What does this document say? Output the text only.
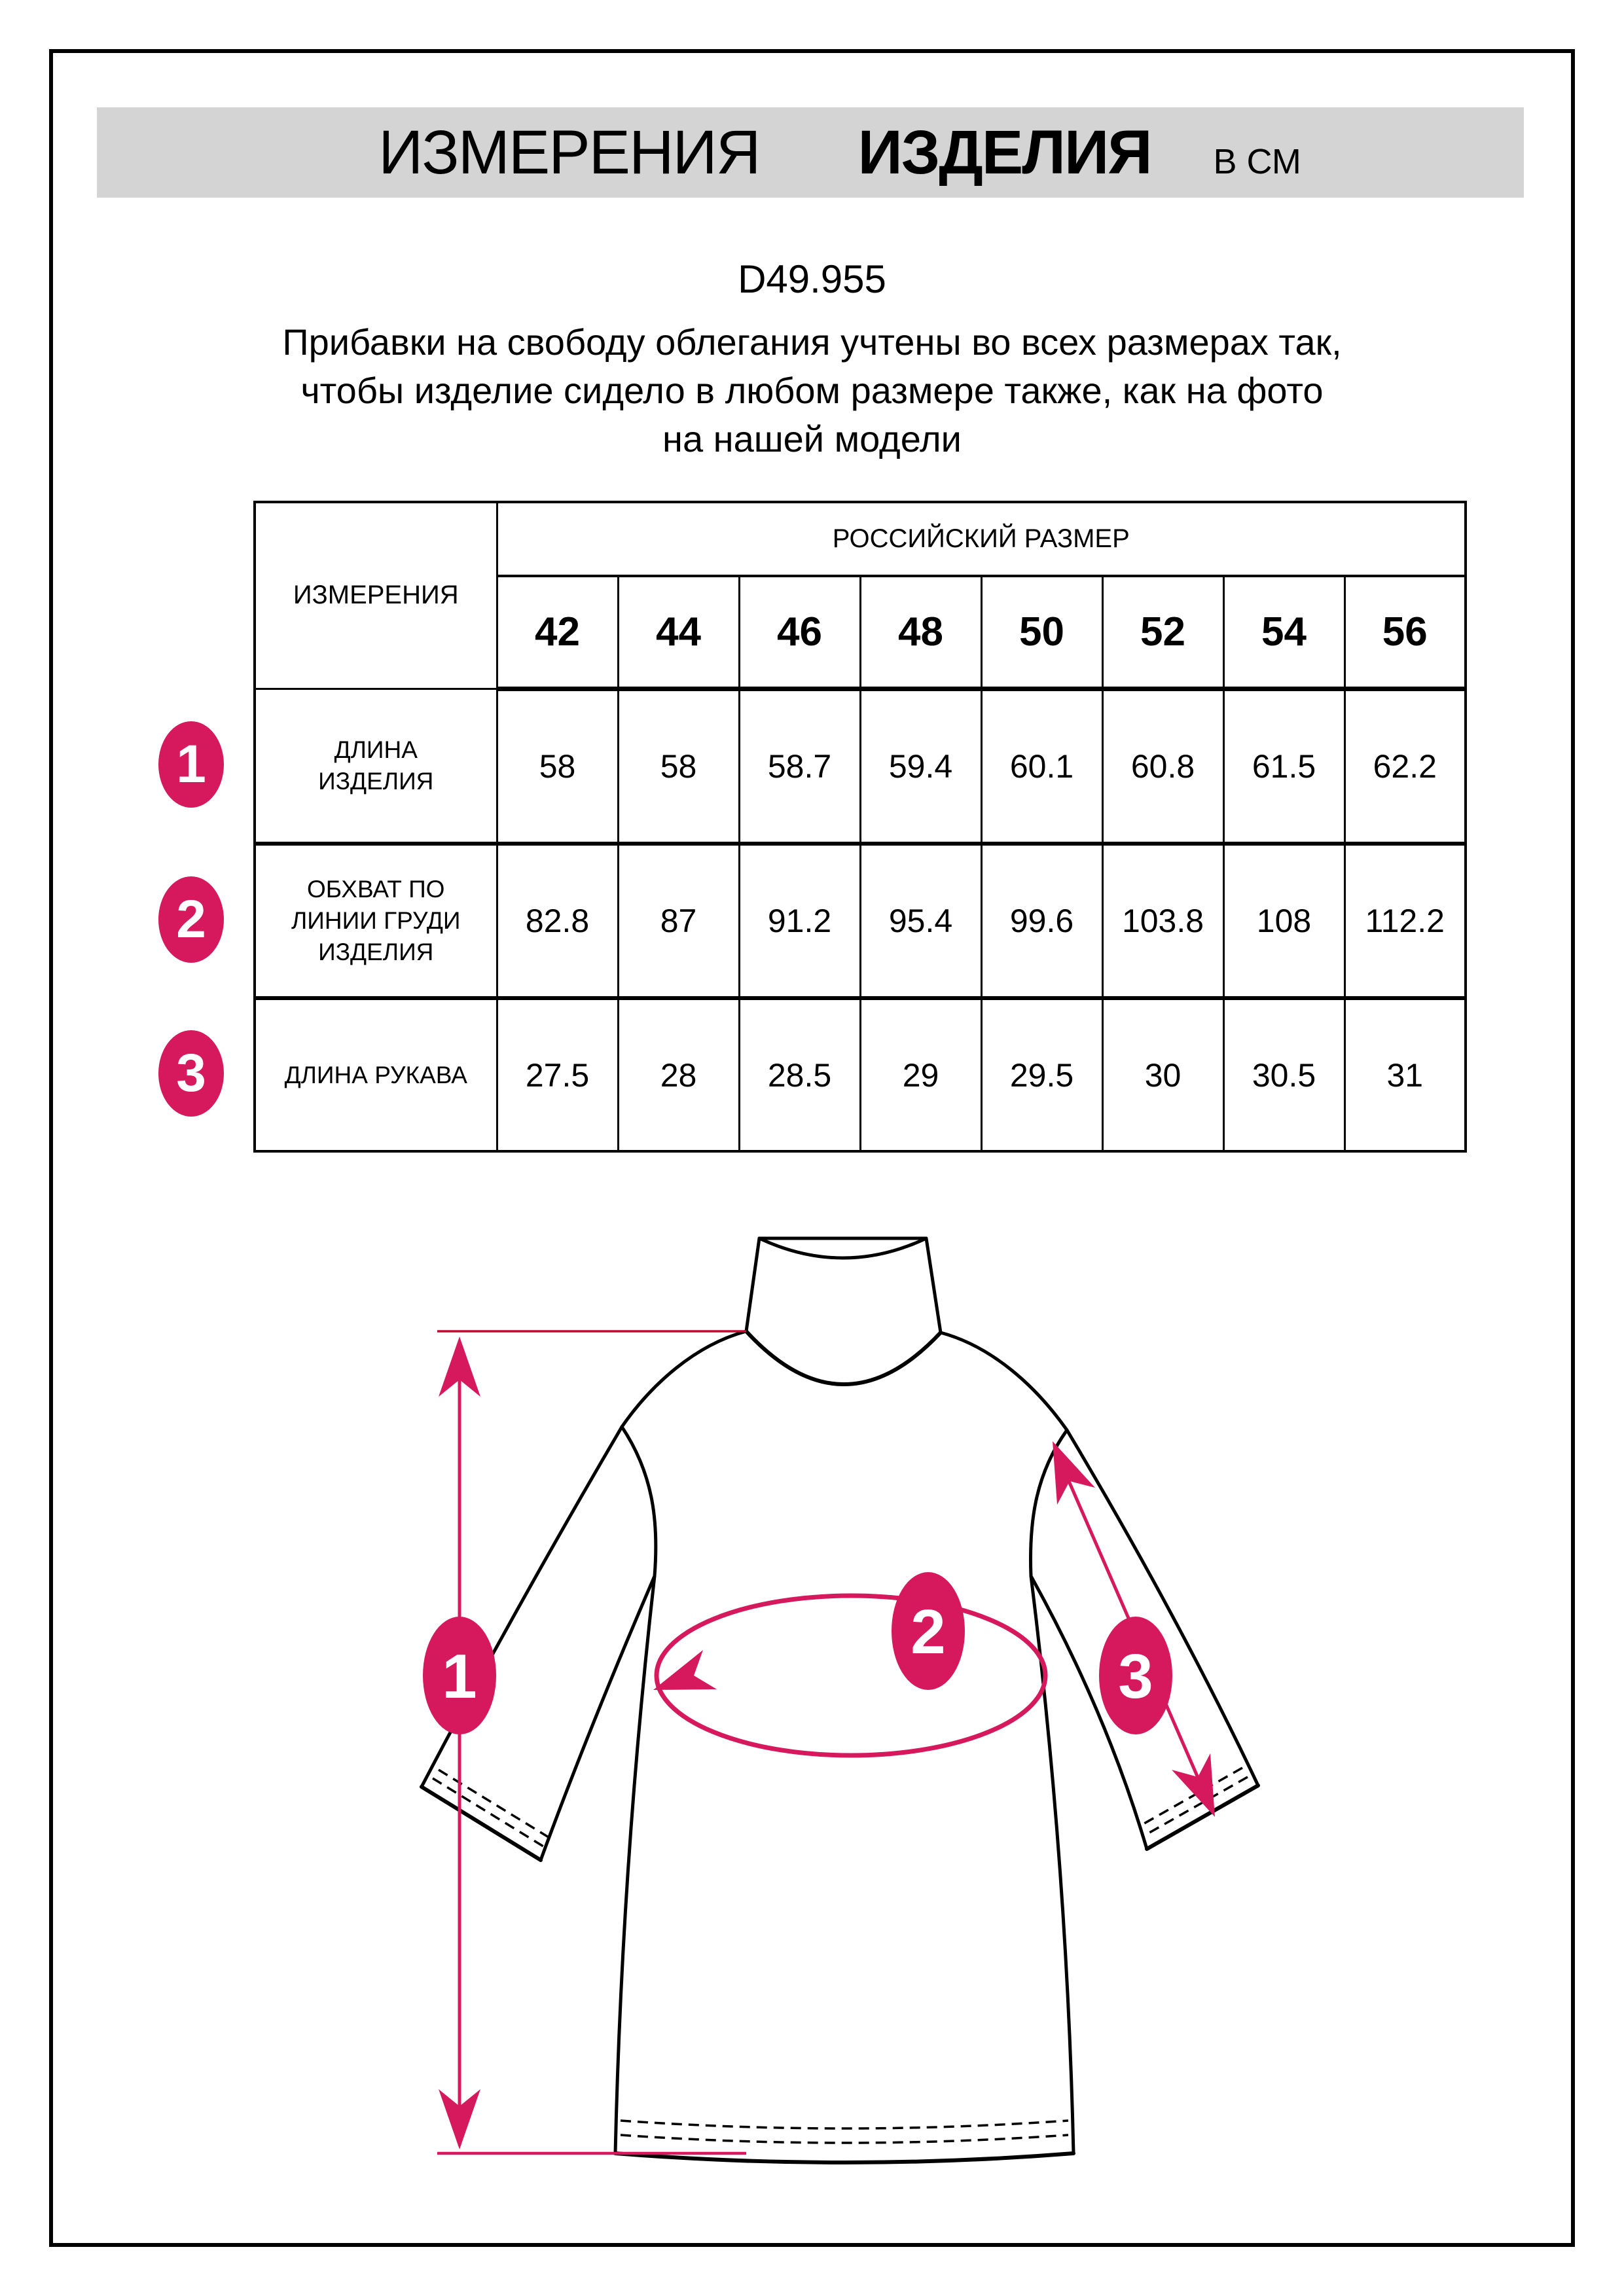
ИЗМЕРЕНИЯ ИЗДЕЛИЯ В СМ
D49.955
Прибавки на свободу облегания учтены во всех размерах так,
чтобы изделие сидело в любом размере также, как на фото
на нашей модели
ИЗМЕРЕНИЯ	РОССИЙСКИЙ РАЗМЕР							
	42	44	46	48	50	52	54	56
ДЛИНА ИЗДЕЛИЯ	58	58	58.7	59.4	60.1	60.8	61.5	62.2
ОБХВАТ ПО ЛИНИИ ГРУДИ ИЗДЕЛИЯ	82.8	87	91.2	95.4	99.6	103.8	108	112.2
ДЛИНА РУКАВА	27.5	28	28.5	29	29.5	30	30.5	31
1
2
3
1
2
3
